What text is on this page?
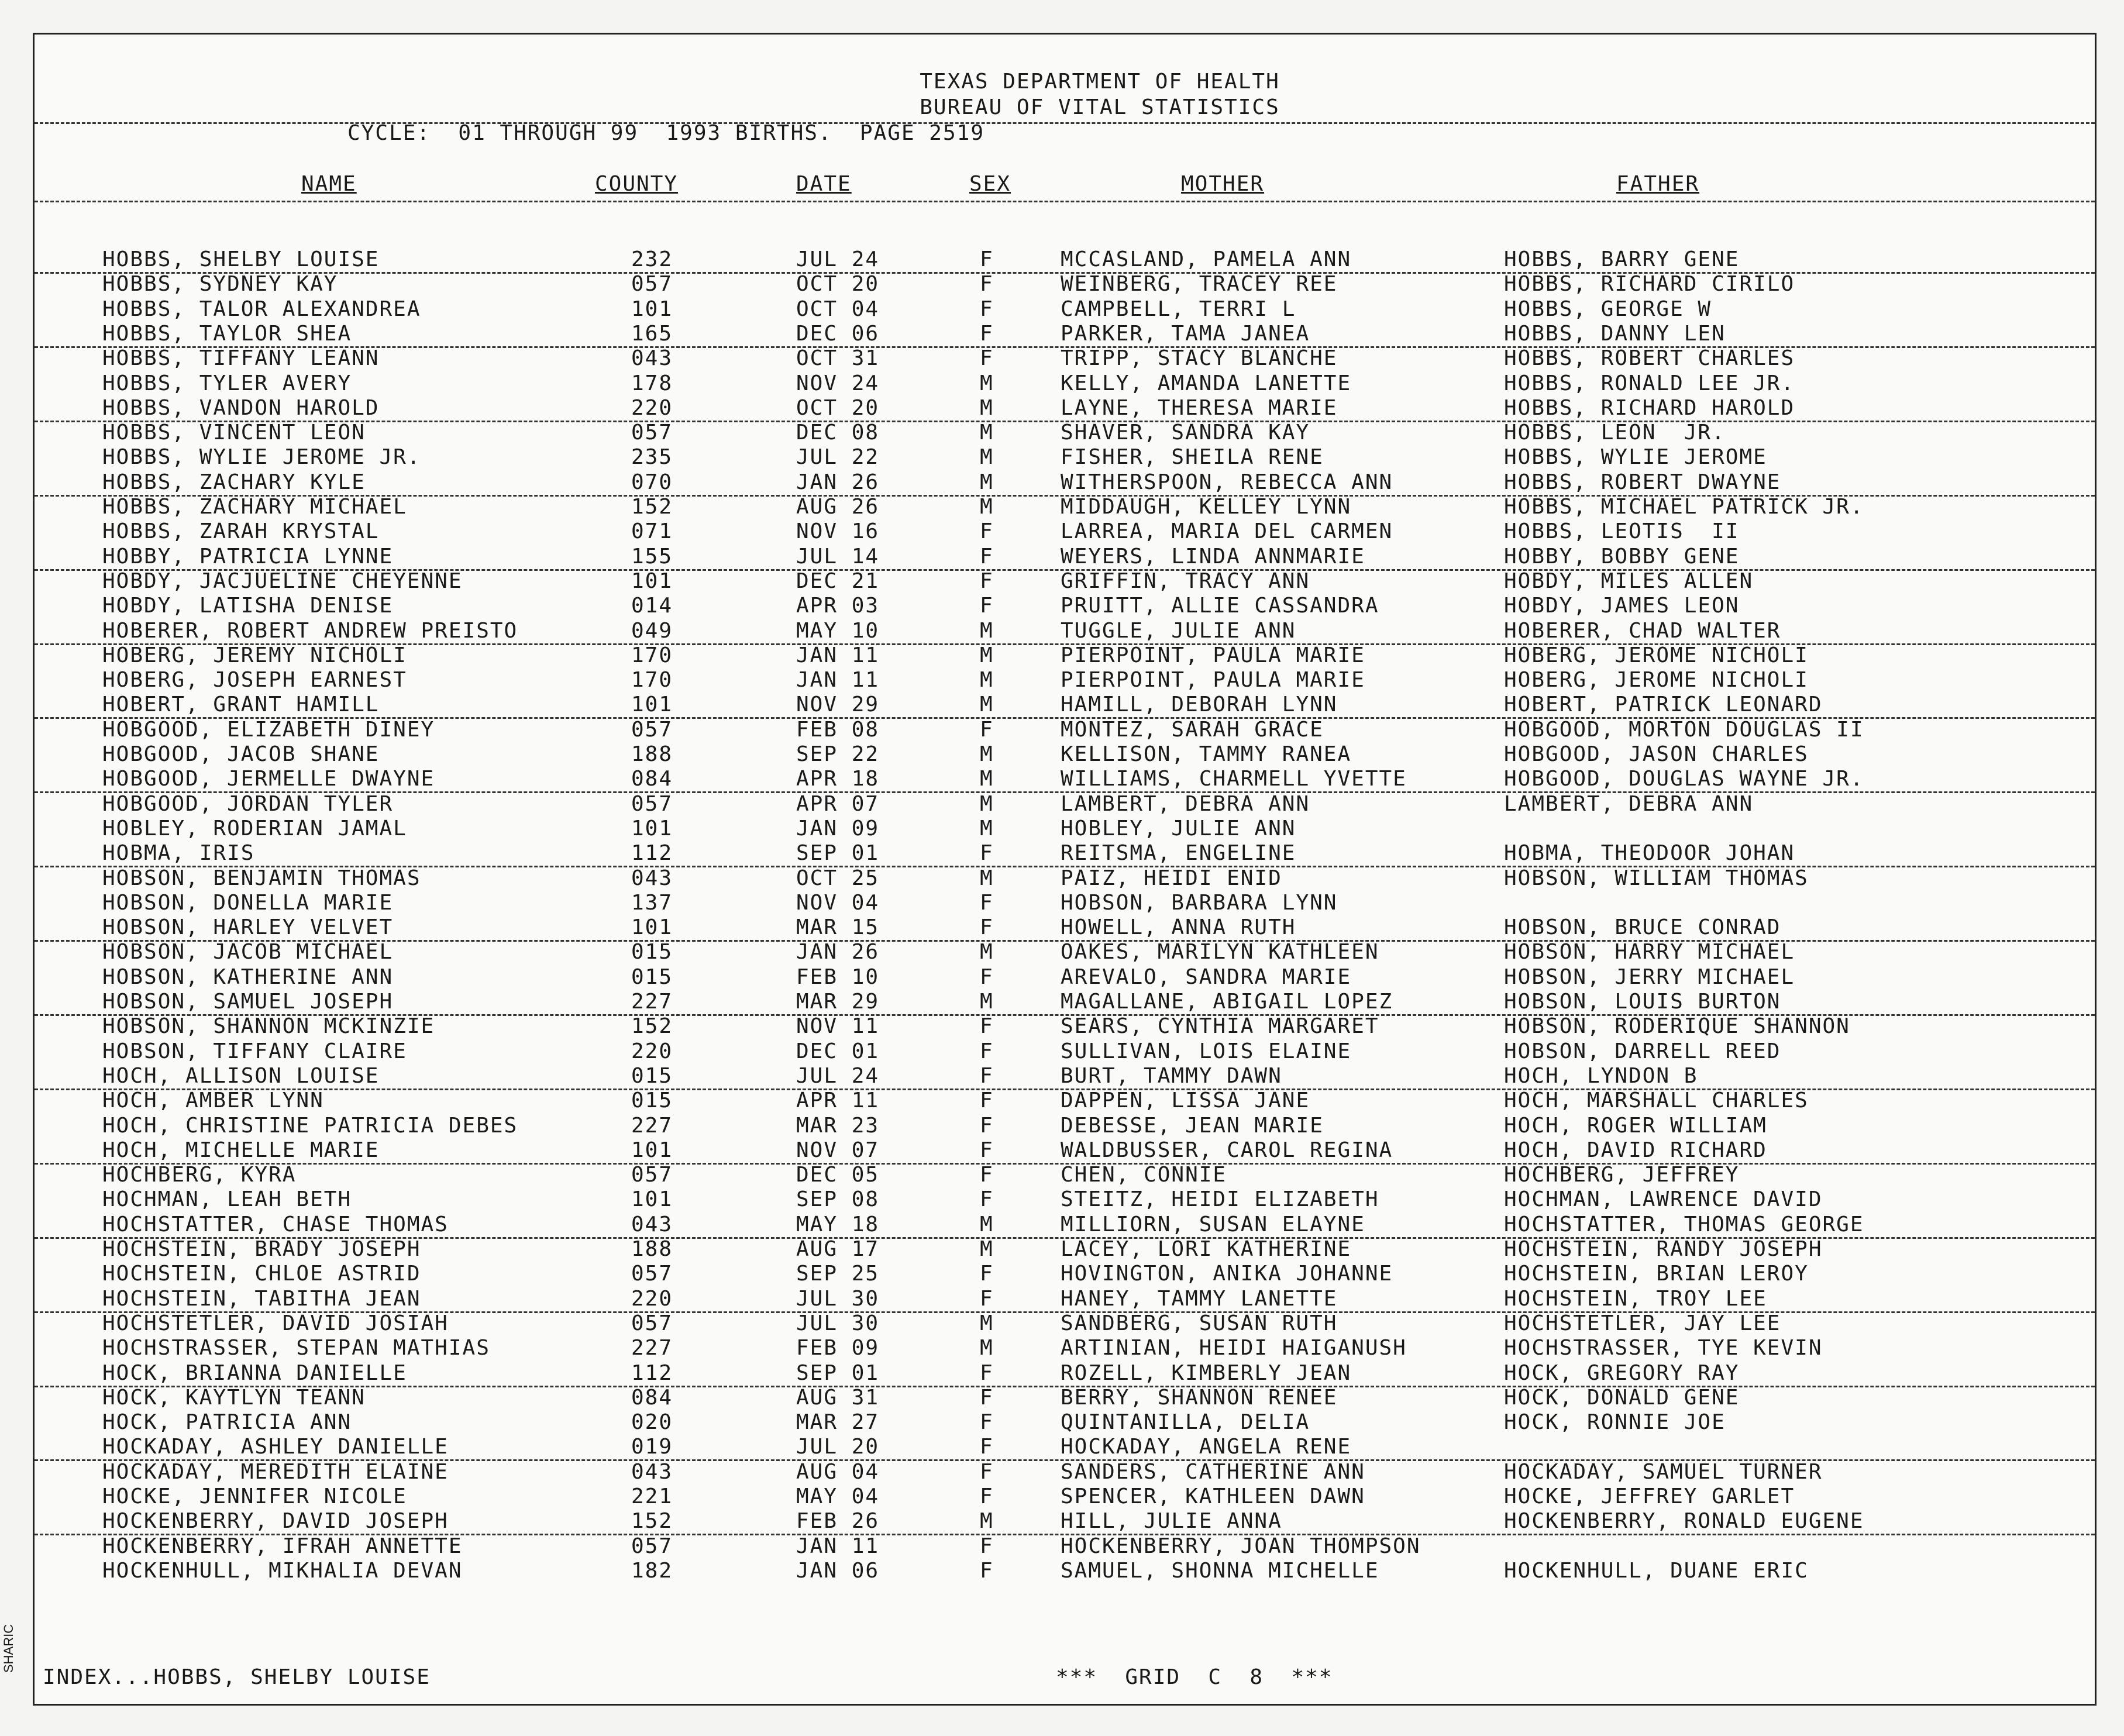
TEXAS DEPARTMENT OF HEALTH
BUREAU OF VITAL STATISTICS
CYCLE:  01 THROUGH 99  1993 BIRTHS.  PAGE 2519
NAME	COUNTY	DATE	SEX	MOTHER	FATHER
HOBBS, SHELBY LOUISE	232	JUL 24	F	MCCASLAND, PAMELA ANN	HOBBS, BARRY GENE
HOBBS, SYDNEY KAY	057	OCT 20	F	WEINBERG, TRACEY REE	HOBBS, RICHARD CIRILO
HOBBS, TALOR ALEXANDREA	101	OCT 04	F	CAMPBELL, TERRI L	HOBBS, GEORGE W
HOBBS, TAYLOR SHEA	165	DEC 06	F	PARKER, TAMA JANEA	HOBBS, DANNY LEN
HOBBS, TIFFANY LEANN	043	OCT 31	F	TRIPP, STACY BLANCHE	HOBBS, ROBERT CHARLES
HOBBS, TYLER AVERY	178	NOV 24	M	KELLY, AMANDA LANETTE	HOBBS, RONALD LEE JR.
HOBBS, VANDON HAROLD	220	OCT 20	M	LAYNE, THERESA MARIE	HOBBS, RICHARD HAROLD
HOBBS, VINCENT LEON	057	DEC 08	M	SHAVER, SANDRA KAY	HOBBS, LEON  JR.
HOBBS, WYLIE JEROME JR.	235	JUL 22	M	FISHER, SHEILA RENE	HOBBS, WYLIE JEROME
HOBBS, ZACHARY KYLE	070	JAN 26	M	WITHERSPOON, REBECCA ANN	HOBBS, ROBERT DWAYNE
HOBBS, ZACHARY MICHAEL	152	AUG 26	M	MIDDAUGH, KELLEY LYNN	HOBBS, MICHAEL PATRICK JR.
HOBBS, ZARAH KRYSTAL	071	NOV 16	F	LARREA, MARIA DEL CARMEN	HOBBS, LEOTIS  II
HOBBY, PATRICIA LYNNE	155	JUL 14	F	WEYERS, LINDA ANNMARIE	HOBBY, BOBBY GENE
HOBDY, JACJUELINE CHEYENNE	101	DEC 21	F	GRIFFIN, TRACY ANN	HOBDY, MILES ALLEN
HOBDY, LATISHA DENISE	014	APR 03	F	PRUITT, ALLIE CASSANDRA	HOBDY, JAMES LEON
HOBERER, ROBERT ANDREW PREISTO	049	MAY 10	M	TUGGLE, JULIE ANN	HOBERER, CHAD WALTER
HOBERG, JEREMY NICHOLI	170	JAN 11	M	PIERPOINT, PAULA MARIE	HOBERG, JEROME NICHOLI
HOBERG, JOSEPH EARNEST	170	JAN 11	M	PIERPOINT, PAULA MARIE	HOBERG, JEROME NICHOLI
HOBERT, GRANT HAMILL	101	NOV 29	M	HAMILL, DEBORAH LYNN	HOBERT, PATRICK LEONARD
HOBGOOD, ELIZABETH DINEY	057	FEB 08	F	MONTEZ, SARAH GRACE	HOBGOOD, MORTON DOUGLAS II
HOBGOOD, JACOB SHANE	188	SEP 22	M	KELLISON, TAMMY RANEA	HOBGOOD, JASON CHARLES
HOBGOOD, JERMELLE DWAYNE	084	APR 18	M	WILLIAMS, CHARMELL YVETTE	HOBGOOD, DOUGLAS WAYNE JR.
HOBGOOD, JORDAN TYLER	057	APR 07	M	LAMBERT, DEBRA ANN	LAMBERT, DEBRA ANN
HOBLEY, RODERIAN JAMAL	101	JAN 09	M	HOBLEY, JULIE ANN
HOBMA, IRIS	112	SEP 01	F	REITSMA, ENGELINE	HOBMA, THEODOOR JOHAN
HOBSON, BENJAMIN THOMAS	043	OCT 25	M	PAIZ, HEIDI ENID	HOBSON, WILLIAM THOMAS
HOBSON, DONELLA MARIE	137	NOV 04	F	HOBSON, BARBARA LYNN
HOBSON, HARLEY VELVET	101	MAR 15	F	HOWELL, ANNA RUTH	HOBSON, BRUCE CONRAD
HOBSON, JACOB MICHAEL	015	JAN 26	M	OAKES, MARILYN KATHLEEN	HOBSON, HARRY MICHAEL
HOBSON, KATHERINE ANN	015	FEB 10	F	AREVALO, SANDRA MARIE	HOBSON, JERRY MICHAEL
HOBSON, SAMUEL JOSEPH	227	MAR 29	M	MAGALLANE, ABIGAIL LOPEZ	HOBSON, LOUIS BURTON
HOBSON, SHANNON MCKINZIE	152	NOV 11	F	SEARS, CYNTHIA MARGARET	HOBSON, RODERIQUE SHANNON
HOBSON, TIFFANY CLAIRE	220	DEC 01	F	SULLIVAN, LOIS ELAINE	HOBSON, DARRELL REED
HOCH, ALLISON LOUISE	015	JUL 24	F	BURT, TAMMY DAWN	HOCH, LYNDON B
HOCH, AMBER LYNN	015	APR 11	F	DAPPEN, LISSA JANE	HOCH, MARSHALL CHARLES
HOCH, CHRISTINE PATRICIA DEBES	227	MAR 23	F	DEBESSE, JEAN MARIE	HOCH, ROGER WILLIAM
HOCH, MICHELLE MARIE	101	NOV 07	F	WALDBUSSER, CAROL REGINA	HOCH, DAVID RICHARD
HOCHBERG, KYRA	057	DEC 05	F	CHEN, CONNIE	HOCHBERG, JEFFREY
HOCHMAN, LEAH BETH	101	SEP 08	F	STEITZ, HEIDI ELIZABETH	HOCHMAN, LAWRENCE DAVID
HOCHSTATTER, CHASE THOMAS	043	MAY 18	M	MILLIORN, SUSAN ELAYNE	HOCHSTATTER, THOMAS GEORGE
HOCHSTEIN, BRADY JOSEPH	188	AUG 17	M	LACEY, LORI KATHERINE	HOCHSTEIN, RANDY JOSEPH
HOCHSTEIN, CHLOE ASTRID	057	SEP 25	F	HOVINGTON, ANIKA JOHANNE	HOCHSTEIN, BRIAN LEROY
HOCHSTEIN, TABITHA JEAN	220	JUL 30	F	HANEY, TAMMY LANETTE	HOCHSTEIN, TROY LEE
HOCHSTETLER, DAVID JOSIAH	057	JUL 30	M	SANDBERG, SUSAN RUTH	HOCHSTETLER, JAY LEE
HOCHSTRASSER, STEPAN MATHIAS	227	FEB 09	M	ARTINIAN, HEIDI HAIGANUSH	HOCHSTRASSER, TYE KEVIN
HOCK, BRIANNA DANIELLE	112	SEP 01	F	ROZELL, KIMBERLY JEAN	HOCK, GREGORY RAY
HOCK, KAYTLYN TEANN	084	AUG 31	F	BERRY, SHANNON RENEE	HOCK, DONALD GENE
HOCK, PATRICIA ANN	020	MAR 27	F	QUINTANILLA, DELIA	HOCK, RONNIE JOE
HOCKADAY, ASHLEY DANIELLE	019	JUL 20	F	HOCKADAY, ANGELA RENE
HOCKADAY, MEREDITH ELAINE	043	AUG 04	F	SANDERS, CATHERINE ANN	HOCKADAY, SAMUEL TURNER
HOCKE, JENNIFER NICOLE	221	MAY 04	F	SPENCER, KATHLEEN DAWN	HOCKE, JEFFREY GARLET
HOCKENBERRY, DAVID JOSEPH	152	FEB 26	M	HILL, JULIE ANNA	HOCKENBERRY, RONALD EUGENE
HOCKENBERRY, IFRAH ANNETTE	057	JAN 11	F	HOCKENBERRY, JOAN THOMPSON
HOCKENHULL, MIKHALIA DEVAN	182	JAN 06	F	SAMUEL, SHONNA MICHELLE	HOCKENHULL, DUANE ERIC
INDEX...HOBBS, SHELBY LOUISE	***  GRID  C  8  ***
SHARIC
